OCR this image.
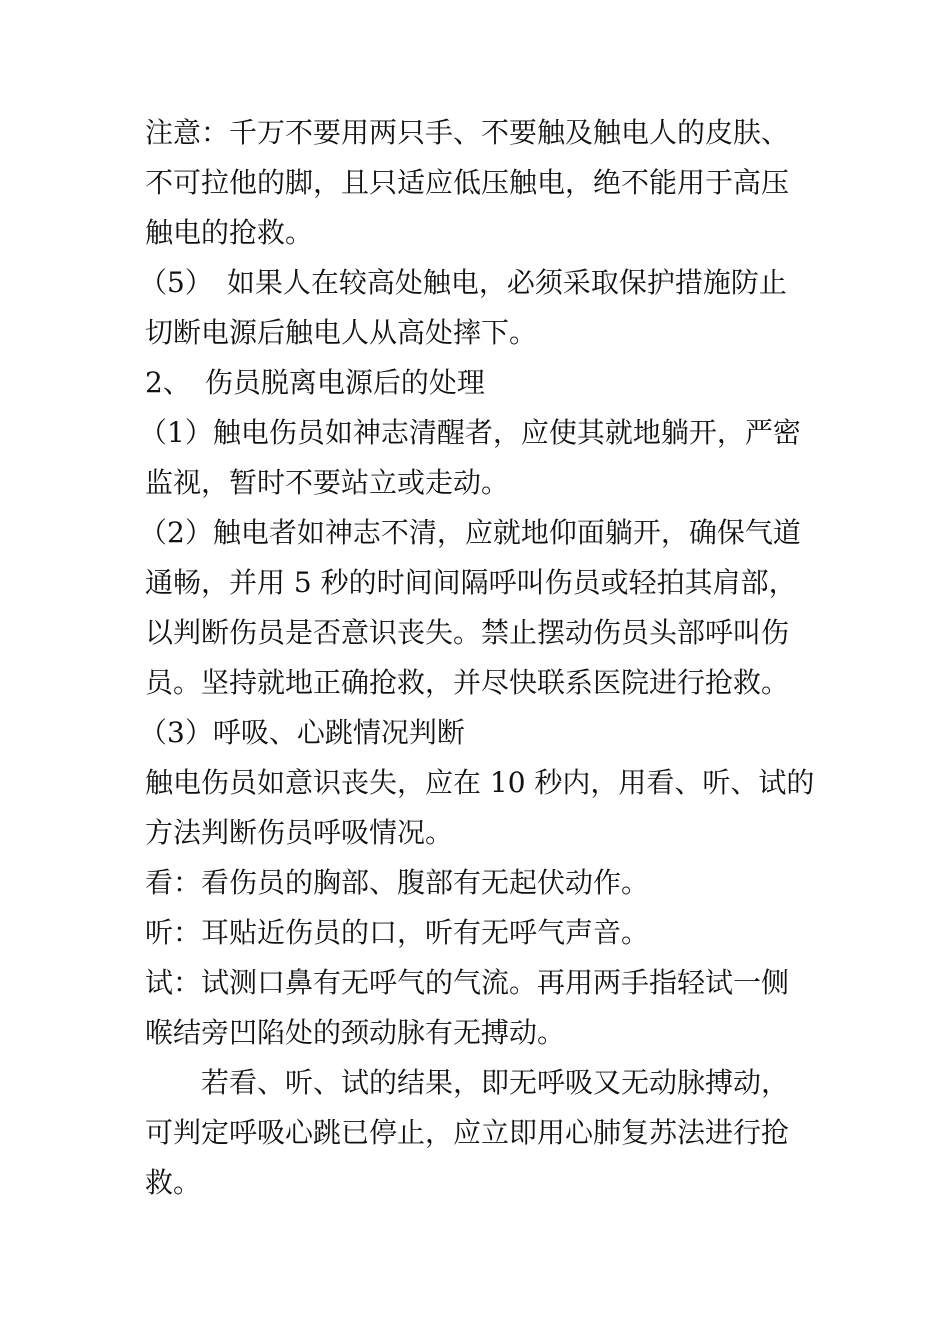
注意：千万不要用两只手、不要触及触电人的皮肤、
不可拉他的脚，且只适应低压触电，绝不能用于高压
触电的抢救。
（5）　如果人在较高处触电，必须采取保护措施防止
切断电源后触电人从高处摔下。
2、　伤员脱离电源后的处理
（1）触电伤员如神志清醒者，应使其就地躺开，严密
监视，暂时不要站立或走动。
（2）触电者如神志不清，应就地仰面躺开，确保气道
通畅，并用 5 秒的时间间隔呼叫伤员或轻拍其肩部，
以判断伤员是否意识丧失。禁止摆动伤员头部呼叫伤
员。坚持就地正确抢救，并尽快联系医院进行抢救。
（3）呼吸、心跳情况判断
触电伤员如意识丧失，应在 10 秒内，用看、听、试的
方法判断伤员呼吸情况。
看：看伤员的胸部、腹部有无起伏动作。
听：耳贴近伤员的口，听有无呼气声音。
试：试测口鼻有无呼气的气流。再用两手指轻试一侧
喉结旁凹陷处的颈动脉有无搏动。
若看、听、试的结果，即无呼吸又无动脉搏动，
可判定呼吸心跳已停止，应立即用心肺复苏法进行抢
救。
